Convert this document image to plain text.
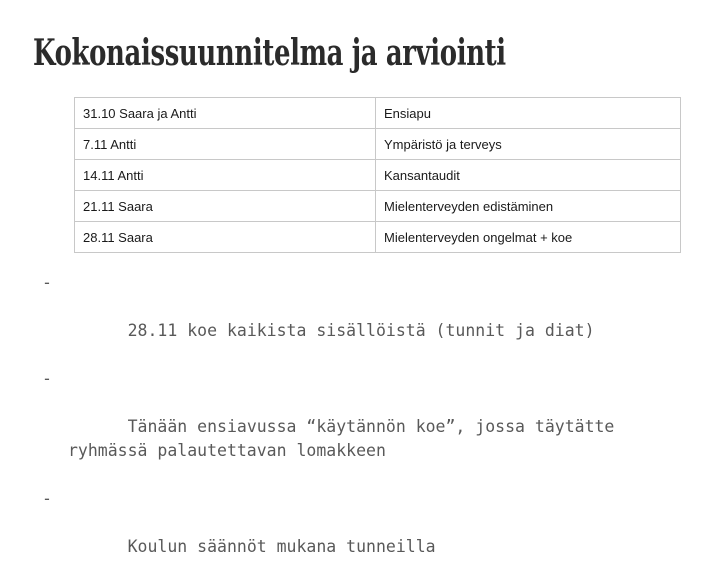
Kokonaissuunnitelma ja arviointi
31.10 Saara ja Antti	Ensiapu
7.11 Antti	Ympäristö ja terveys
14.11 Antti	Kansantaudit
21.11 Saara	Mielenterveyden edistäminen
28.11 Saara	Mielenterveyden ongelmat + koe

-

28.11 koe kaikista sisällöistä (tunnit ja diat)

-

Tänään ensiavussa “käytännön koe”, jossa täytätte
ryhmässä palautettavan lomakkeen

-

Koulun säännöt mukana tunneilla
